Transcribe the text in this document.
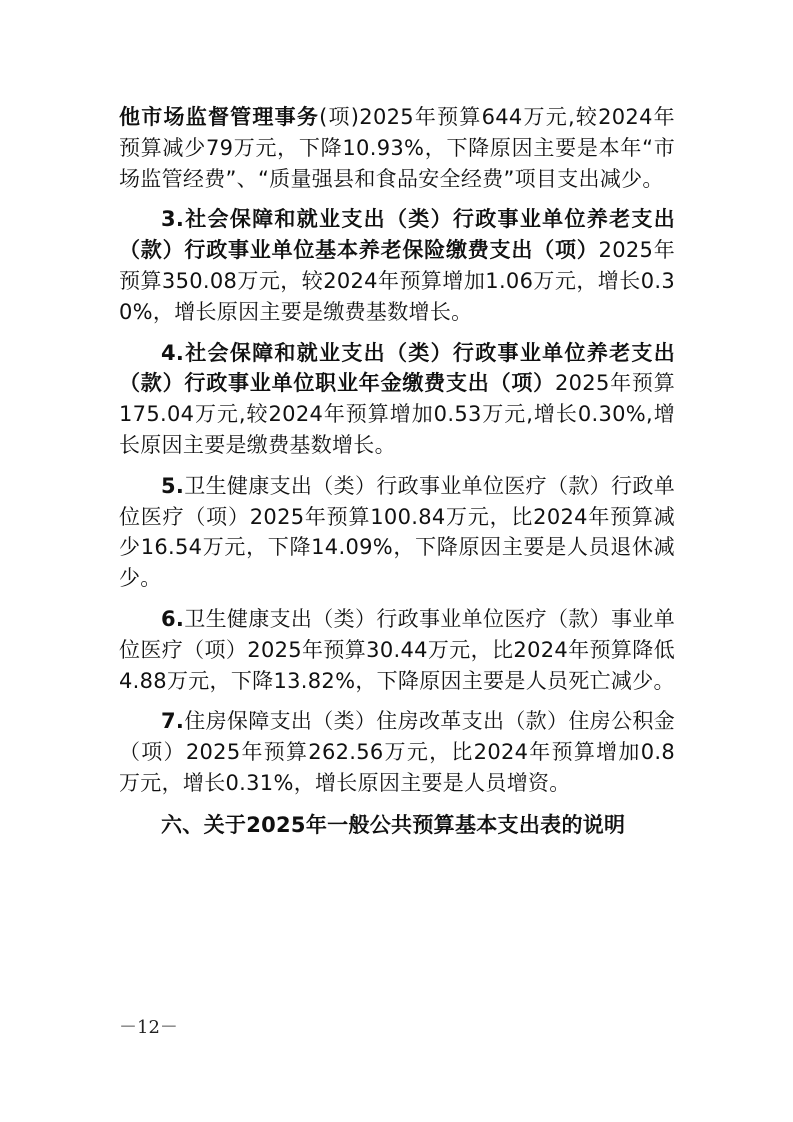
他市场监督管理事务(项)2025年预算644万元,较2024年预算减少79万元，下降10.93%，下降原因主要是本年“市场监管经费”、“质量强县和食品安全经费”项目支出减少。

3.社会保障和就业支出（类）行政事业单位养老支出（款）行政事业单位基本养老保险缴费支出（项）2025年预算350.08万元，较2024年预算增加1.06万元，增长0.30%，增长原因主要是缴费基数增长。

4.社会保障和就业支出（类）行政事业单位养老支出（款）行政事业单位职业年金缴费支出（项）2025年预算175.04万元,较2024年预算增加0.53万元,增长0.30%,增长原因主要是缴费基数增长。

5.卫生健康支出（类）行政事业单位医疗（款）行政单位医疗（项）2025年预算100.84万元，比2024年预算减少16.54万元，下降14.09%，下降原因主要是人员退休减少。

6.卫生健康支出（类）行政事业单位医疗（款）事业单位医疗（项）2025年预算30.44万元，比2024年预算降低4.88万元，下降13.82%，下降原因主要是人员死亡减少。

7.住房保障支出（类）住房改革支出（款）住房公积金（项）2025年预算262.56万元，比2024年预算增加0.8万元，增长0.31%，增长原因主要是人员增资。

六、关于2025年一般公共预算基本支出表的说明

－12－
